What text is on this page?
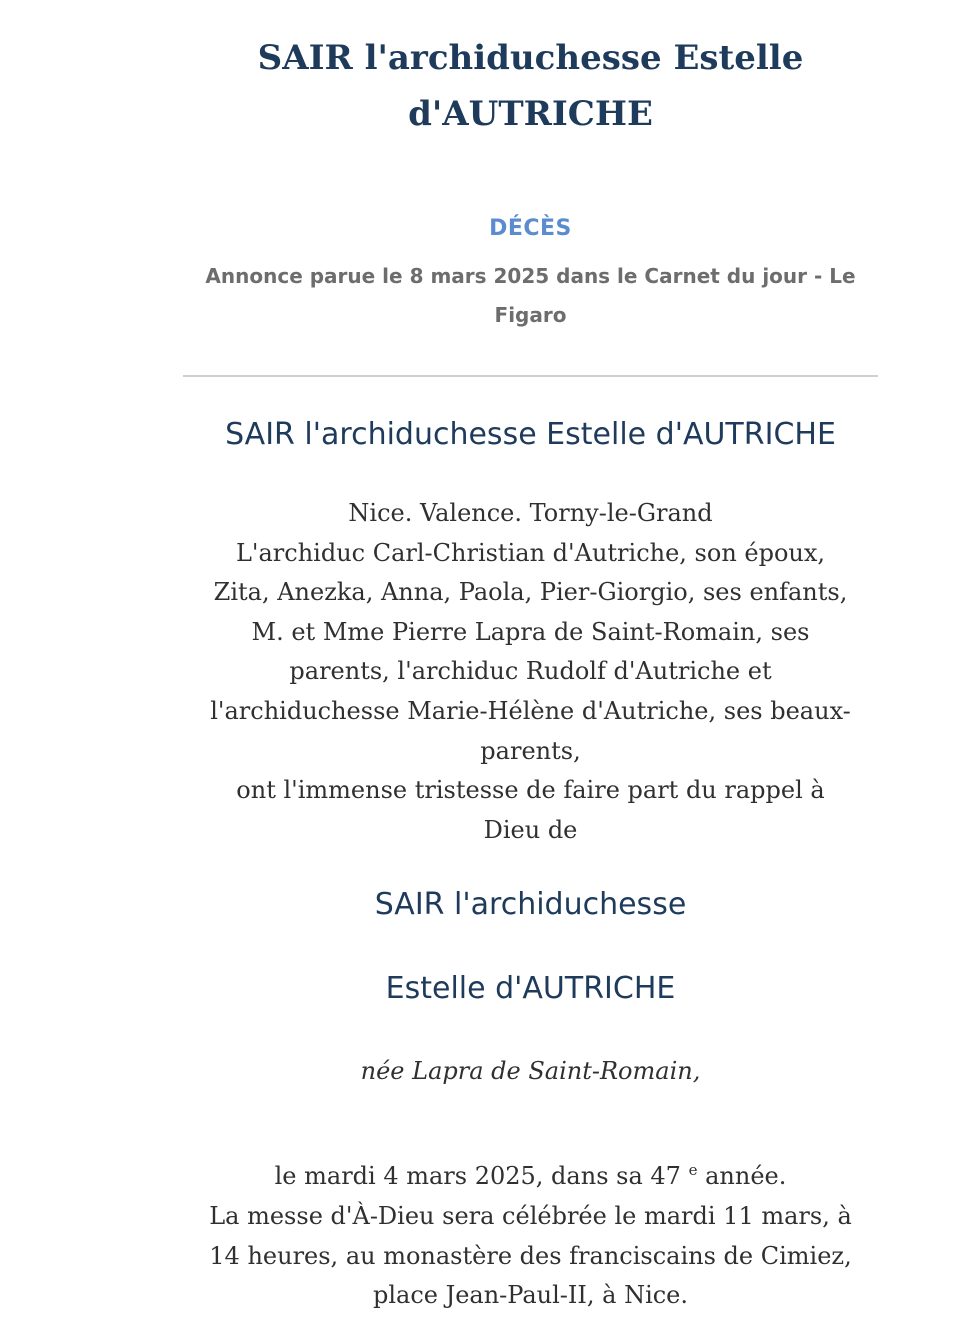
SAIR l'archiduchesse Estelle
d'AUTRICHE
DÉCÈS
Annonce parue le 8 mars 2025 dans le Carnet du jour - Le
Figaro
SAIR l'archiduchesse Estelle d'AUTRICHE

Nice. Valence. Torny-le-Grand

L'archiduc Carl-Christian d'Autriche, son époux,

Zita, Anezka, Anna, Paola, Pier-Giorgio, ses enfants,

M. et Mme Pierre Lapra de Saint-Romain, ses

parents, l'archiduc Rudolf d'Autriche et

l'archiduchesse Marie-Hélène d'Autriche, ses beaux-

parents,

ont l'immense tristesse de faire part du rappel à

Dieu de

SAIR l'archiduchesse
Estelle d'AUTRICHE
née Lapra de Saint-Romain,

le mardi 4 mars 2025, dans sa 47 $^e$ année.

La messe d'À-Dieu sera célébrée le mardi 11 mars, à

14 heures, au monastère des franciscains de Cimiez,

place Jean-Paul-II, à Nice.
